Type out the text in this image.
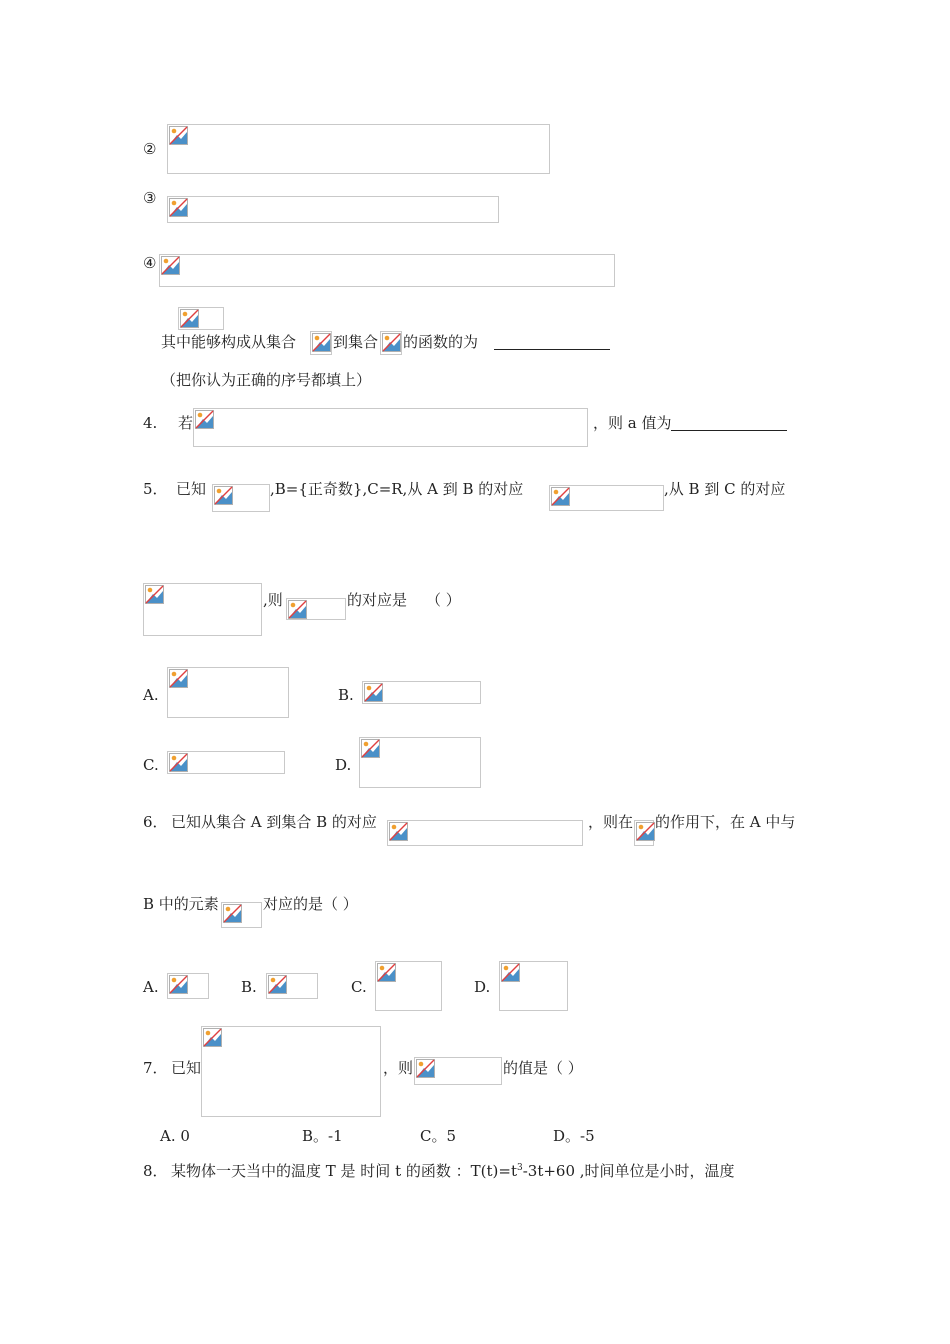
②
③
④
其中能够构成从集合 到集合 的函数的为
（把你认为正确的序号都填上）
4. 若	，则 a 值为
5． 已知	,B={正奇数},C=R,从 A 到 B 的对应	,从 B 到 C 的对应
,则	的对应是 （ ）
A.	B.
C.	D.
6． 已知从集合 A 到集合 B 的对应	，则在 的作用下，在 A 中与
B 中的元素	对应的是（ ）
A.	B.	C.	D.
7． 已知	，则	的值是（ ）
A. 0	B。-1	C。5	D。-5
8． 某物体一天当中的温度 T 是 时间 t 的函数 ：$T(t)=t^3-3t+60$ ,时间单位是小时，温度
